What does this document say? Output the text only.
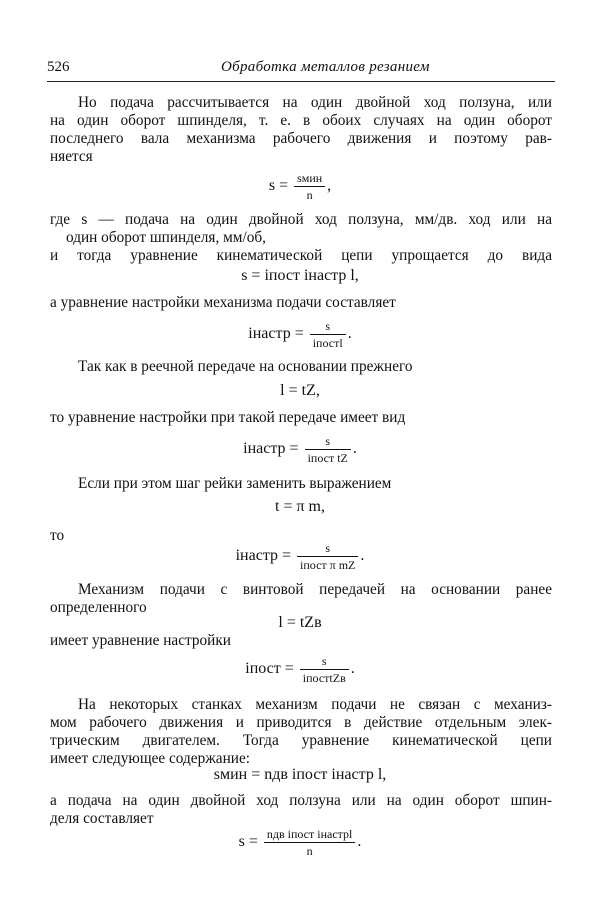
526	Обработка металлов резанием
Но подача рассчитывается на один двойной ход ползуна, или
на один оборот шпинделя, т. е. в обоих случаях на один оборот
последнего вала механизма рабочего движения и поэтому рав-
няется
$s = \frac{\text{sмин}}{n}$ ,
где s — подача на один двойной ход ползуна, мм/дв. ход или на
один оборот шпинделя, мм/об,
и тогда уравнение кинематической цепи упрощается до вида
s = iпост iнастр l,
а уравнение настройки механизма подачи составляет
iнастр = $\frac{s}{\text{iпостl}}$ .
Так как в реечной передаче на основании прежнего
l = tZ,
то уравнение настройки при такой передаче имеет вид
iнастр = $\frac{s}{\text{iпост tZ}}$ .
Если при этом шаг рейки заменить выражением
t = π m,
то
iнастр = $\frac{s}{\text{iпост π mZ}}$ .
Механизм подачи с винтовой передачей на основании ранее
определенного
l = tZв
имеет уравнение настройки
iпост = $\frac{s}{\text{iпостtZв}}$ .
На некоторых станках механизм подачи не связан с механиз-
мом рабочего движения и приводится в действие отдельным элек-
трическим двигателем. Тогда уравнение кинематической цепи
имеет следующее содержание:
sмин = nдв iпост iнастр l,
а подача на один двойной ход ползуна или на один оборот шпин-
деля составляет
$s = \frac{\text{nдв iпост iнастрl}}{n}$ .
